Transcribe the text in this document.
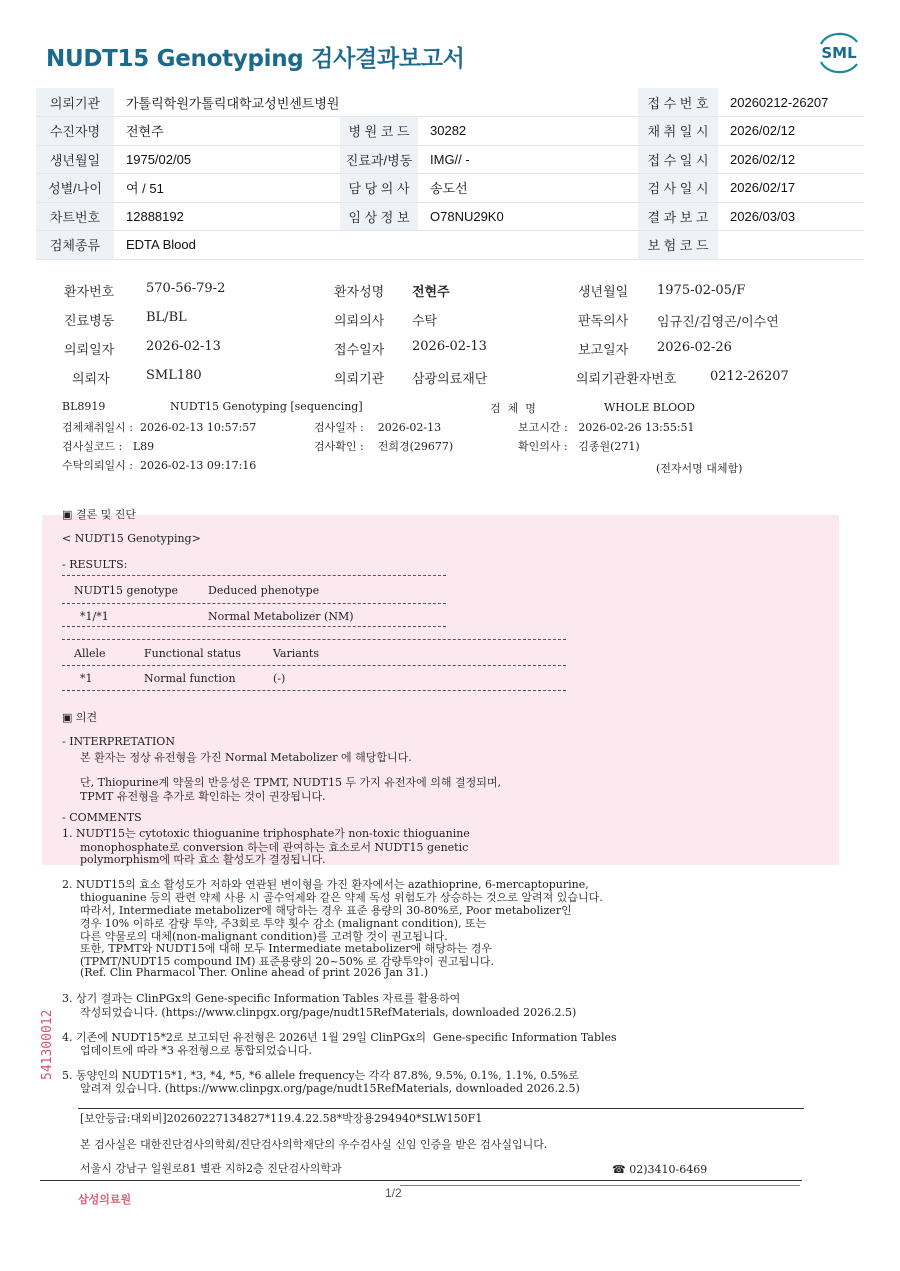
NUDT15 Genotyping 검사결과보고서	SML
의뢰기관	가톨릭학원가톨릭대학교성빈센트병원			접 수 번 호	20260212-26207
수진자명	전현주	병 원 코 드	30282	채 취 일 시	2026/02/12
생년월일	1975/02/05	진료과/병동	IMG// -	접 수 일 시	2026/02/12
성별/나이	여 / 51	담 당 의 사	송도선	검 사 일 시	2026/02/17
차트번호	12888192	임 상 정 보	O78NU29K0	결 과 보 고	2026/03/03
검체종류	EDTA Blood			보 험 코 드	
환자번호 570-56-79-2	환자성명 전현주	생년월일 1975-02-05/F
진료병동 BL/BL	의뢰의사 수탁	판독의사 임규진/김영곤/이수연
의뢰일자 2026-02-13	접수일자 2026-02-13	보고일자 2026-02-26
의뢰자	SML180	의뢰기관 삼광의료재단	의뢰기관환자번호	0212-26207
BL8919	NUDT15 Genotyping [sequencing]	검  체  명	WHOLE BLOOD
검체채취일시 :  2026-02-13 10:57:57	검사일자 :    2026-02-13	보고시간 :   2026-02-26 13:55:51
검사실코드 :   L89	검사확인 :    전희경(29677)	확인의사 :   김종원(271)
수탁의뢰일시 :  2026-02-13 09:17:16	(전자서명 대체함)
▣ 결론 및 진단
< NUDT15 Genotyping>
- RESULTS:
NUDT15 genotype	Deduced phenotype
*1/*1	Normal Metabolizer (NM)
Allele	Functional status	Variants
*1	Normal function	(-)
▣ 의견
- INTERPRETATION
본 환자는 정상 유전형을 가진 Normal Metabolizer 에 해당합니다.
단, Thiopurine계 약물의 반응성은 TPMT, NUDT15 두 가지 유전자에 의해 결정되며,
TPMT 유전형을 추가로 확인하는 것이 권장됩니다.
- COMMENTS
1. NUDT15는 cytotoxic thioguanine triphosphate가 non-toxic thioguanine
monophosphate로 conversion 하는데 관여하는 효소로서 NUDT15 genetic
polymorphism에 따라 효소 활성도가 결정됩니다.
2. NUDT15의 효소 활성도가 저하와 연관된 변이형을 가진 환자에서는 azathioprine, 6-mercaptopurine,
thioguanine 등의 관련 약제 사용 시 골수억제와 같은 약제 독성 위험도가 상승하는 것으로 알려져 있습니다.
따라서, Intermediate metabolizer에 해당하는 경우 표준 용량의 30-80%로, Poor metabolizer인
경우 10% 이하로 감량 투약, 주3회로 투약 횟수 감소 (malignant condition), 또는
다른 약물로의 대체(non-malignant condition)를 고려할 것이 권고됩니다.
또한, TPMT와 NUDT15에 대해 모두 Intermediate metabolizer에 해당하는 경우
(TPMT/NUDT15 compound IM) 표준용량의 20~50% 로 감량투약이 권고됩니다.
(Ref. Clin Pharmacol Ther. Online ahead of print 2026 Jan 31.)
3. 상기 결과는 ClinPGx의 Gene-specific Information Tables 자료를 활용하여
작성되었습니다. (https://www.clinpgx.org/page/nudt15RefMaterials, downloaded 2026.2.5)
4. 기존에 NUDT15*2로 보고되던 유전형은 2026년 1월 29일 ClinPGx의  Gene-specific Information Tables
업데이트에 따라 *3 유전형으로 통합되었습니다.
5. 동양인의 NUDT15*1, *3, *4, *5, *6 allele frequency는 각각 87.8%, 9.5%, 0.1%, 1.1%, 0.5%로
알려져 있습니다. (https://www.clinpgx.org/page/nudt15RefMaterials, downloaded 2026.2.5)
541300012
[보안등급:대외비]20260227134827*119.4.22.58*박장용294940*SLW150F1
본 검사실은 대한진단검사의학회/진단검사의학재단의 우수검사실 신임 인증을 받은 검사실입니다.
서울시 강남구 일원로81 별관 지하2층 진단검사의학과	☎ 02)3410-6469
삼성의료원	1/2
